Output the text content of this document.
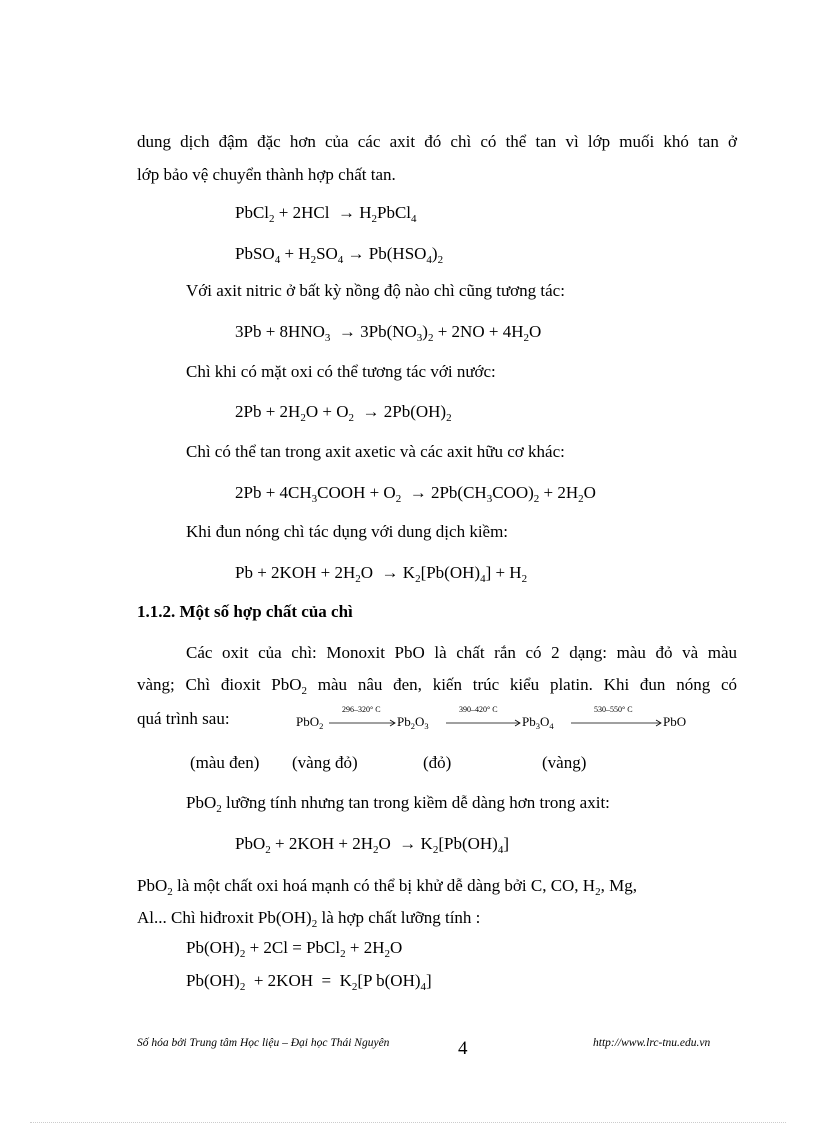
dung dịch đậm đặc hơn của các axit đó chì có thể tan vì lớp muối khó tan ở
lớp bảo vệ chuyển thành hợp chất tan.
PbCl$_2$ + $2HCl \to H_2PbCl_4$
PbSO$_4$ + $H_2SO_4 \to Pb(HSO_4)_2$
Với axit nitric ở bất kỳ nồng độ nào chì cũng tương tác:
$3Pb + 8HNO_3 \to 3Pb(NO_3)_2 + 2NO + 4H_2O$
Chì khi có mặt oxi có thể tương tác với nước:
$2Pb + 2H_2O + O_2 \to 2Pb(OH)_2$
Chì có thể tan trong axit axetic và các axit hữu cơ khác:
$2Pb + 4CH_3COOH + O_2 \to 2Pb(CH_3COO)_2 + 2H_2O$
Khi đun nóng chì tác dụng với dung dịch kiềm:
$Pb + 2KOH + 2H_2O \to K_2[Pb(OH)_4] + H_2$
1.1.2. Một số hợp chất của chì
Các oxit của chì: Monoxit PbO là chất rắn có 2 dạng: màu đỏ và màu
vàng; Chì đioxit PbO$_2$ màu nâu đen, kiến trúc kiểu platin. Khi đun nóng có
quá trình sau:	PbO$_2$
296–320° C
$Pb_2O_3$
390–420° C
$Pb_3O_4$
530–550° C
PbO
(màu đen) (vàng đỏ)	(đỏ)	(vàng)
PbO$_2$ lưỡng tính nhưng tan trong kiềm dễ dàng hơn trong axit:
$PbO_2 + 2KOH + 2H_2O \to K_2[Pb(OH)_4]$
PbO$_2$ là một chất oxi hoá mạnh có thể bị khử dễ dàng bởi C, CO, $H_2$, Mg,
Al... Chì hiđroxit $Pb(OH)_2$ là hợp chất lưỡng tính :
$Pb(OH)_2 + 2Cl$ = PbCl$_2$ + $2H_2O$
$Pb(OH)_2 + 2KOH = K_2[P$ $b(OH)_4$]
Số hóa bởi Trung tâm Học liệu – Đại học Thái Nguyên	4	http://www.lrc-tnu.edu.vn
